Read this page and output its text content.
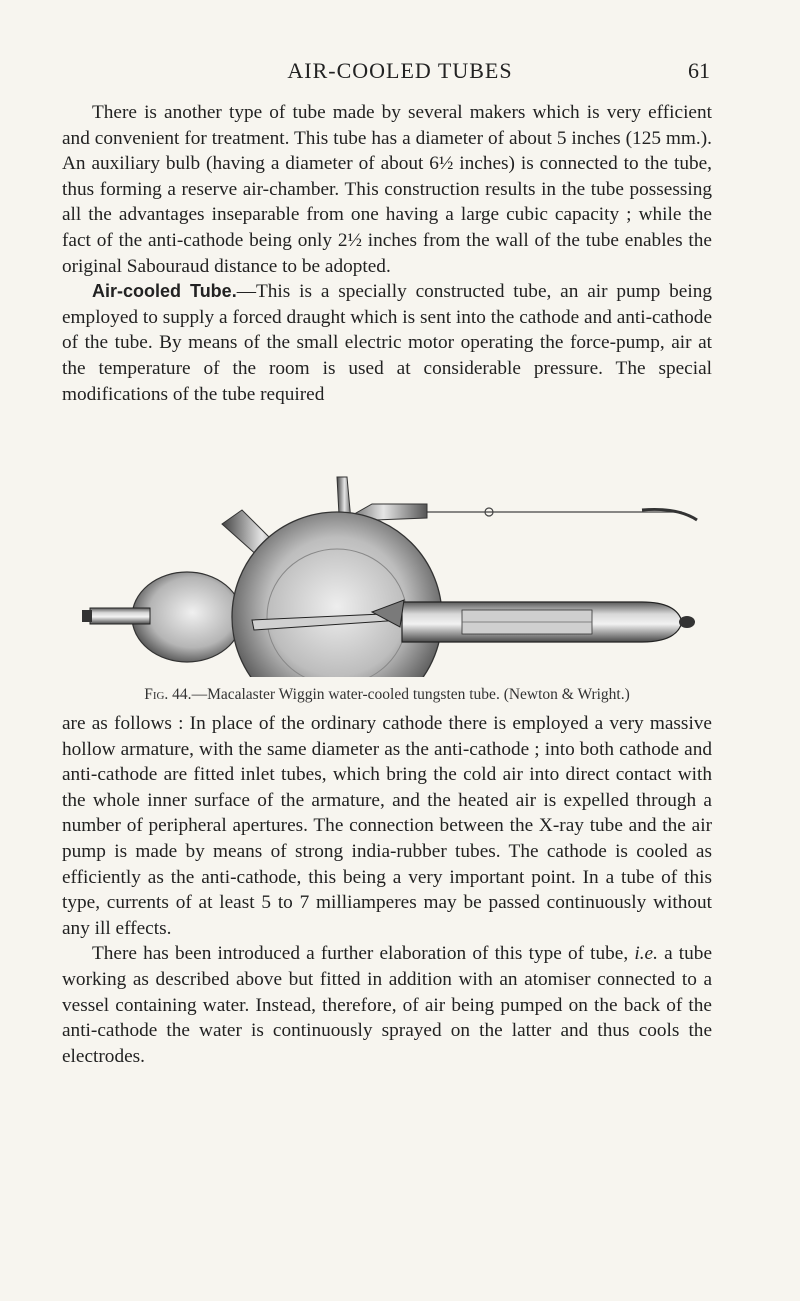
AIR-COOLED TUBES	61

There is another type of tube made by several makers which is very efficient and convenient for treatment. This tube has a diameter of about 5 inches (125 mm.). An auxiliary bulb (having a diameter of about 6½ inches) is connected to the tube, thus forming a reserve air-chamber. This construction results in the tube possessing all the advantages inseparable from one having a large cubic capacity ; while the fact of the anti-cathode being only 2½ inches from the wall of the tube enables the original Sabouraud distance to be adopted.

Air-cooled Tube.—This is a specially constructed tube, an air pump being employed to supply a forced draught which is sent into the cathode and anti-cathode of the tube. By means of the small electric motor operating the force-pump, air at the temperature of the room is used at considerable pressure. The special modifications of the tube required

Fig. 44.—Macalaster Wiggin water-cooled tungsten tube. (Newton & Wright.)

are as follows : In place of the ordinary cathode there is employed a very massive hollow armature, with the same diameter as the anti-cathode ; into both cathode and anti-cathode are fitted inlet tubes, which bring the cold air into direct contact with the whole inner surface of the armature, and the heated air is expelled through a number of peripheral apertures. The connection between the X-ray tube and the air pump is made by means of strong india-rubber tubes. The cathode is cooled as efficiently as the anti-cathode, this being a very important point. In a tube of this type, currents of at least 5 to 7 milliamperes may be passed continuously without any ill effects.

There has been introduced a further elaboration of this type of tube, i.e. a tube working as described above but fitted in addition with an atomiser connected to a vessel containing water. Instead, therefore, of air being pumped on the back of the anti-cathode the water is continuously sprayed on the latter and thus cools the electrodes.
